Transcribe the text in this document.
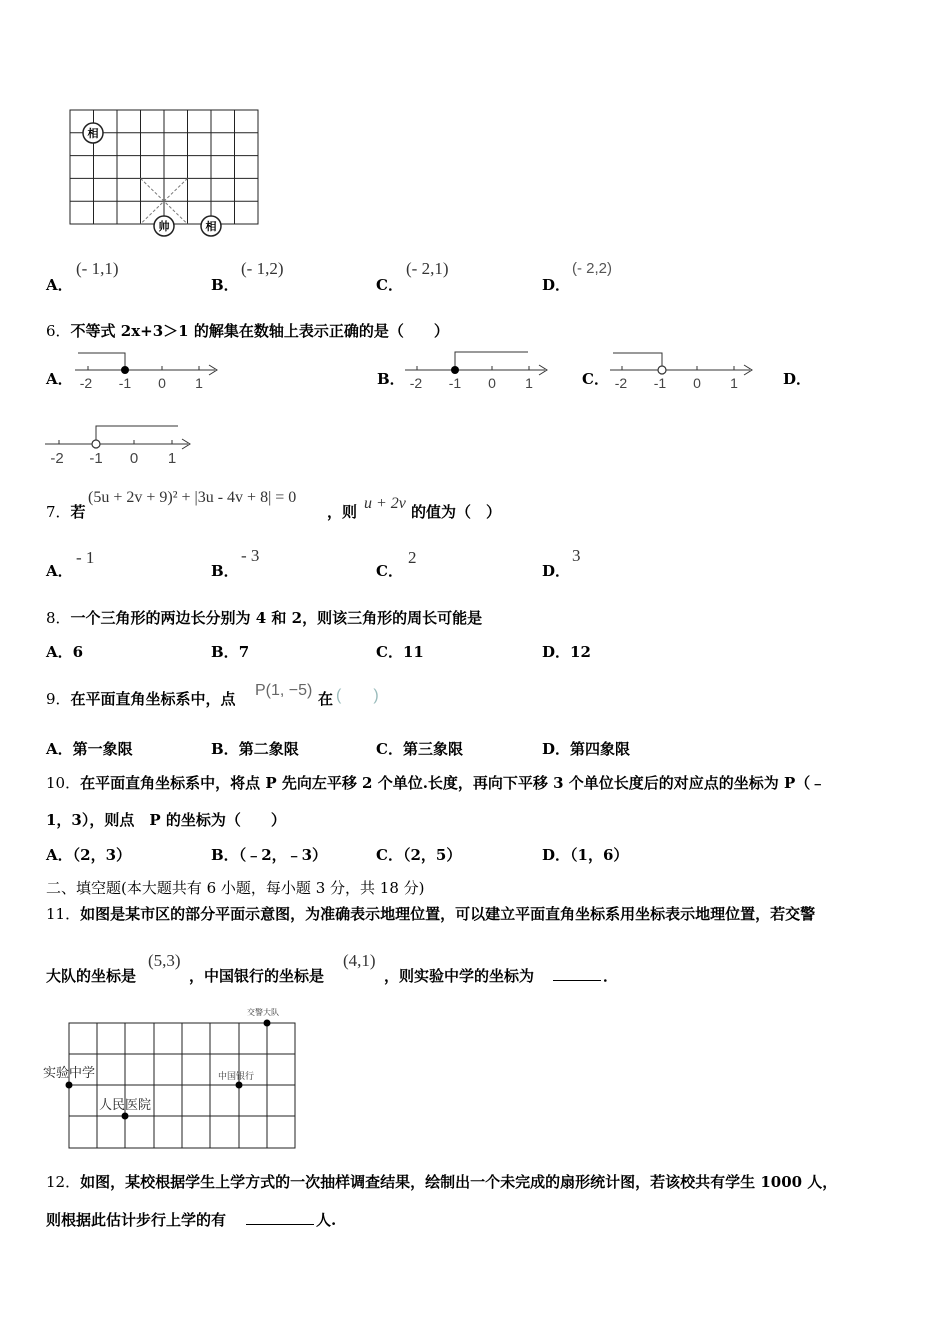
相
帅	相
A．
(- 1,1)
B．
(- 1,2)
C．
(- 2,1)
D．
(- 2,2)
6．不等式 2x+3＞1 的解集在数轴上表示正确的是（　　）
A． -2 -1 0 1	B． -2 -1 0 1	C． -2 -1 0 1	D．
-2 -1 0 1
7．若
(5u + 2v + 9)² + |3u - 4v + 8| = 0
，则 u + 2v 的值为（　）
A．
- 1
B．
- 3
C．
2
D．
3
8．一个三角形的两边长分别为 4 和 2，则该三角形的周长可能是
A．6	B．7	C．11	D．12
9．在平面直角坐标系中，点 P(1, −5) 在 (　　)
A．第一象限	B．第二象限	C．第三象限	D．第四象限
10．在平面直角坐标系中，将点 P 先向左平移 2 个单位.长度，再向下平移 3 个单位长度后的对应点的坐标为 P（﹣
1，3），则点　P 的坐标为（　　）
A．（2，3）	B．（﹣2，﹣3）	C．（2，5）	D．（1，6）
二、填空题(本大题共有 6 小题，每小题 3 分，共 18 分)
11．如图是某市区的部分平面示意图，为准确表示地理位置，可以建立平面直角坐标系用坐标表示地理位置，若交警
大队的坐标是
(5,3)
，中国银行的坐标是
(4,1)
，则实验中学的坐标为	．
交警大队
中国银行
实验中学
人民医院
12．如图，某校根据学生上学方式的一次抽样调查结果，绘制出一个未完成的扇形统计图，若该校共有学生 1000 人，
则根据此估计步行上学的有	人.
